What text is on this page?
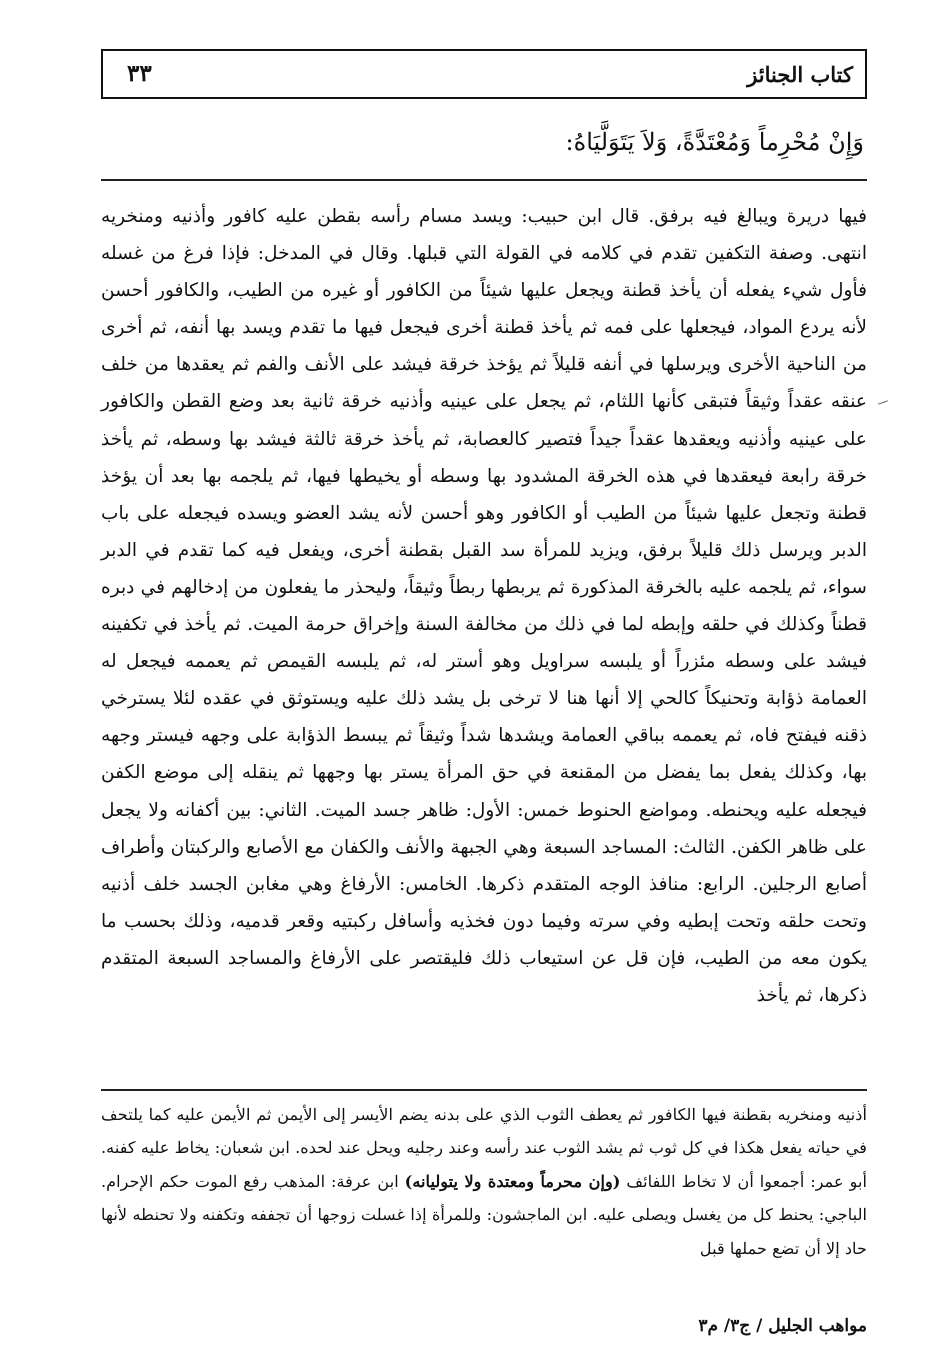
كتاب الجنائز
٣٣
وَإِنْ مُحْرِماً وَمُعْتَدَّةً، وَلاَ يَتَوَلَّيَاهُ:

فيها دريرة ويبالغ فيه برفق. قال ابن حبيب: ويسد مسام رأسه بقطن عليه كافور وأذنيه ومنخريه انتهى. وصفة التكفين تقدم في كلامه في القولة التي قبلها. وقال في المدخل: فإذا فرغ من غسله فأول شيء يفعله أن يأخذ قطنة ويجعل عليها شيئاً من الكافور أو غيره من الطيب، والكافور أحسن لأنه يردع المواد، فيجعلها على فمه ثم يأخذ قطنة أخرى فيجعل فيها ما تقدم ويسد بها أنفه، ثم أخرى من الناحية الأخرى ويرسلها في أنفه قليلاً ثم يؤخذ خرقة فيشد على الأنف والفم ثم يعقدها من خلف عنقه عقداً وثيقاً فتبقى كأنها اللثام، ثم يجعل على عينيه وأذنيه خرقة ثانية بعد وضع القطن والكافور على عينيه وأذنيه ويعقدها عقداً جيداً فتصير كالعصابة، ثم يأخذ خرقة ثالثة فيشد بها وسطه، ثم يأخذ خرقة رابعة فيعقدها في هذه الخرقة المشدود بها وسطه أو يخيطها فيها، ثم يلجمه بها بعد أن يؤخذ قطنة وتجعل عليها شيئاً من الطيب أو الكافور وهو أحسن لأنه يشد العضو ويسده فيجعله على باب الدبر ويرسل ذلك قليلاً برفق، ويزيد للمرأة سد القبل بقطنة أخرى، ويفعل فيه كما تقدم في الدبر سواء، ثم يلجمه عليه بالخرقة المذكورة ثم يربطها ربطاً وثيقاً، وليحذر ما يفعلون من إدخالهم في دبره قطناً وكذلك في حلقه وإبطه لما في ذلك من مخالفة السنة وإخراق حرمة الميت. ثم يأخذ في تكفينه فيشد على وسطه مئزراً أو يلبسه سراويل وهو أستر له، ثم يلبسه القيمص ثم يعممه فيجعل له العمامة ذؤابة وتحنيكاً كالحي إلا أنها هنا لا ترخى بل يشد ذلك عليه ويستوثق في عقده لئلا يسترخي ذقنه فيفتح فاه، ثم يعممه بباقي العمامة ويشدها شداً وثيقاً ثم يبسط الذؤابة على وجهه فيستر وجهه بها، وكذلك يفعل بما يفضل من المقنعة في حق المرأة يستر بها وجهها ثم ينقله إلى موضع الكفن فيجعله عليه ويحنطه. ومواضع الحنوط خمس: الأول: ظاهر جسد الميت. الثاني: بين أكفانه ولا يجعل على ظاهر الكفن. الثالث: المساجد السبعة وهي الجبهة والأنف والكفان مع الأصابع والركبتان وأطراف أصابع الرجلين. الرابع: منافذ الوجه المتقدم ذكرها. الخامس: الأرفاغ وهي مغابن الجسد خلف أذنيه وتحت حلقه وتحت إبطيه وفي سرته وفيما دون فخذيه وأسافل ركبتيه وقعر قدميه، وذلك بحسب ما يكون معه من الطيب، فإن قل عن استيعاب ذلك فليقتصر على الأرفاغ والمساجد السبعة المتقدم ذكرها، ثم يأخذ

أذنيه ومنخريه بقطنة فيها الكافور ثم يعطف الثوب الذي على بدنه يضم الأيسر إلى الأيمن ثم الأيمن عليه كما يلتحف في حياته يفعل هكذا في كل ثوب ثم يشد الثوب عند رأسه وعند رجليه ويحل عند لحده. ابن شعبان: يخاط عليه كفنه. أبو عمر: أجمعوا أن لا تخاط اللفائف (وإن محرماً ومعتدة ولا يتوليانه) ابن عرفة: المذهب رفع الموت حكم الإحرام. الباجي: يحنط كل من يغسل ويصلى عليه. ابن الماجشون: وللمرأة إذا غسلت زوجها أن تجففه وتكفنه ولا تحنطه لأنها حاد إلا أن تضع حملها قبل
مواهب الجليل / ج٣/ م٣
